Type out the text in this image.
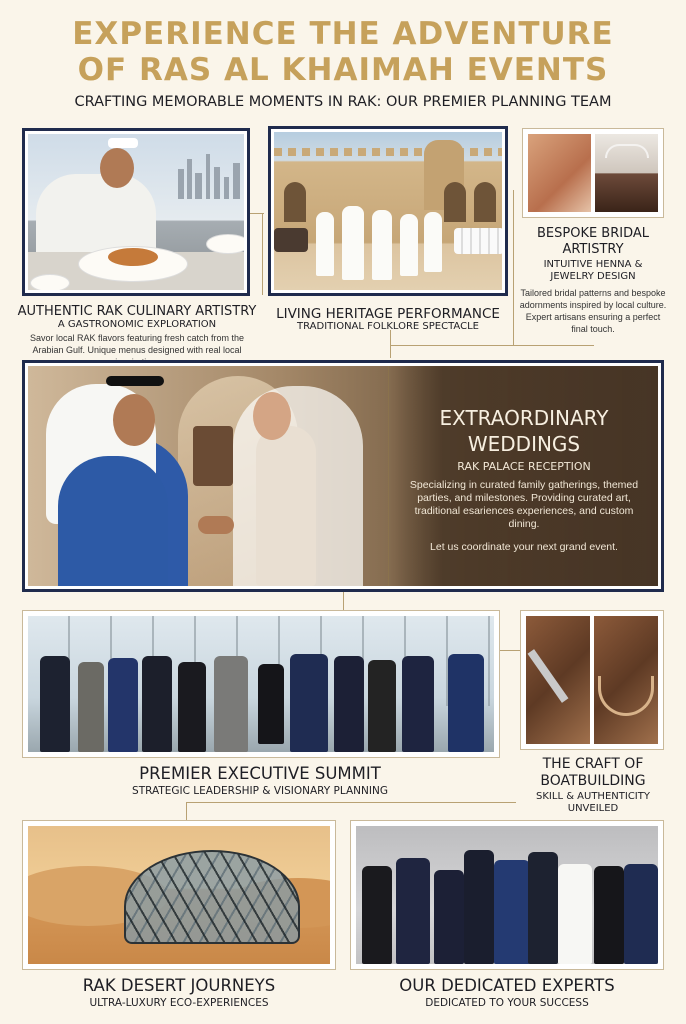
EXPERIENCE THE ADVENTURE
OF RAS AL KHAIMAH EVENTS
CRAFTING MEMORABLE MOMENTS IN RAK: OUR PREMIER PLANNING TEAM
AUTHENTIC RAK CULINARY ARTISTRY
A GASTRONOMIC EXPLORATION
Savor local RAK flavors featuring fresh catch from the Arabian Gulf. Unique menus designed with real local
LIVING HERITAGE PERFORMANCE
TRADITIONAL FOLKLORE SPECTACLE
BESPOKE BRIDAL
ARTISTRY
INTUITIVE HENNA &
JEWELRY DESIGN
Tailored bridal patterns and bespoke adornments inspired by local culture. Expert artisans ensuring a perfect final touch.
EXTRAORDINARY
WEDDINGS
RAK PALACE RECEPTION
Specializing in curated family gatherings, themed parties, and milestones. Providing curated art, traditional esariences experiences, and custom dining.
Let us coordinate your next grand event.
PREMIER EXECUTIVE SUMMIT
STRATEGIC LEADERSHIP & VISIONARY PLANNING
THE CRAFT OF
BOATBUILDING
SKILL & AUTHENTICITY
UNVEILED
RAK DESERT JOURNEYS
ULTRA-LUXURY ECO-EXPERIENCES
OUR DEDICATED EXPERTS
DEDICATED TO YOUR SUCCESS
